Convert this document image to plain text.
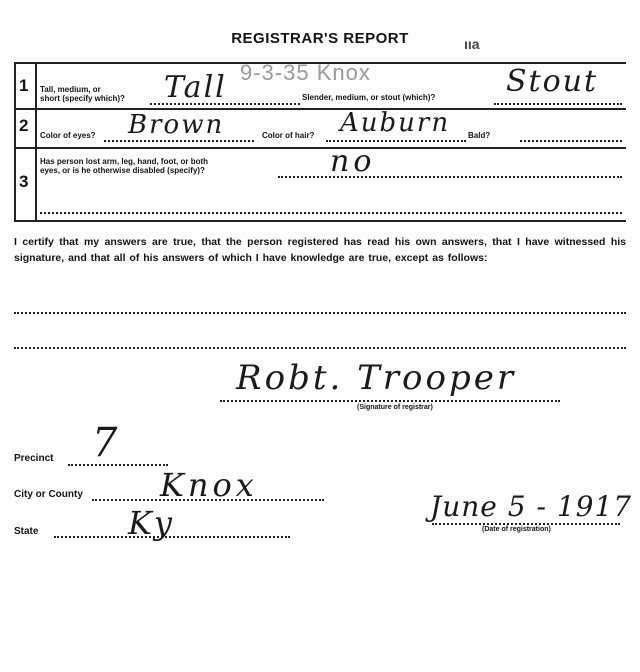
REGISTRAR'S REPORT	ııa
9-3-35 Knox
1 Tall, medium, or
short (specify which)? Tall	Slender, medium, or stout (which)? Stout
2
Color of eyes? Brown	Color of hair? Auburn Bald?
3
Has person lost arm, leg, hand, foot, or both
eyes, or is he otherwise disabled (specify)?	no
I certify that my answers are true, that the person registered has read his own answers, that I have witnessed his signature, and that all of his answers of which I have knowledge are true, except as follows:
Robt. Trooper
(Signature of registrar)
Precinct 7
City or County Knox
State	Ky	June 5 - 1917
(Date of registration)
